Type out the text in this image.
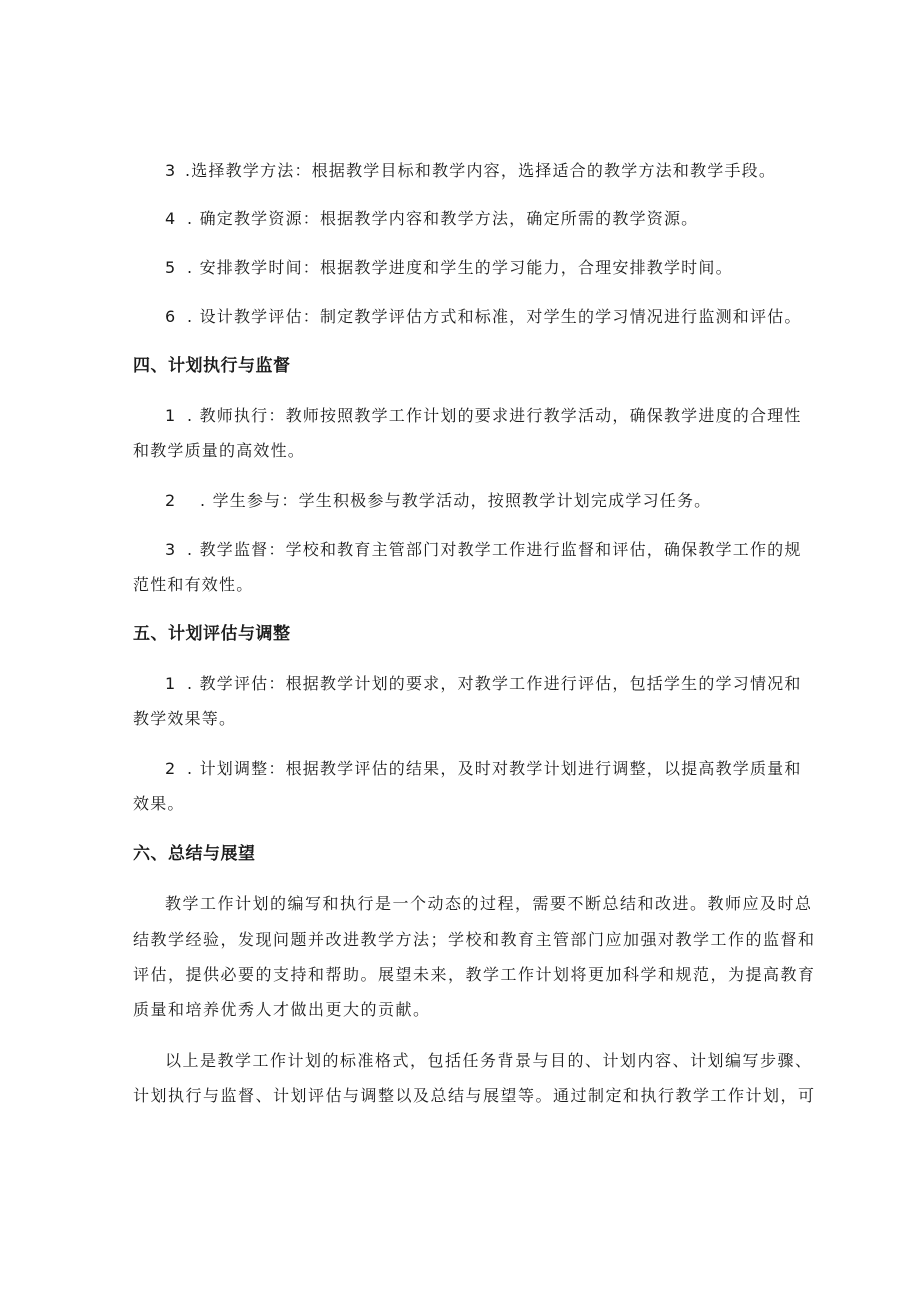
3 .选择教学方法：根据教学目标和教学内容，选择适合的教学方法和教学手段。
4 . 确定教学资源：根据教学内容和教学方法，确定所需的教学资源。
5 . 安排教学时间：根据教学进度和学生的学习能力，合理安排教学时间。
6 . 设计教学评估：制定教学评估方式和标准，对学生的学习情况进行监测和评估。
四、计划执行与监督
1 . 教师执行：教师按照教学工作计划的要求进行教学活动，确保教学进度的合理性
和教学质量的高效性。
2 . 学生参与：学生积极参与教学活动，按照教学计划完成学习任务。
3 . 教学监督：学校和教育主管部门对教学工作进行监督和评估，确保教学工作的规
范性和有效性。
五、计划评估与调整
1 . 教学评估：根据教学计划的要求，对教学工作进行评估，包括学生的学习情况和
教学效果等。
2 . 计划调整：根据教学评估的结果，及时对教学计划进行调整，以提高教学质量和
效果。
六、总结与展望
教学工作计划的编写和执行是一个动态的过程，需要不断总结和改进。教师应及时总
结教学经验，发现问题并改进教学方法；学校和教育主管部门应加强对教学工作的监督和
评估，提供必要的支持和帮助。展望未来，教学工作计划将更加科学和规范，为提高教育
质量和培养优秀人才做出更大的贡献。
以上是教学工作计划的标准格式，包括任务背景与目的、计划内容、计划编写步骤、
计划执行与监督、计划评估与调整以及总结与展望等。通过制定和执行教学工作计划，可
